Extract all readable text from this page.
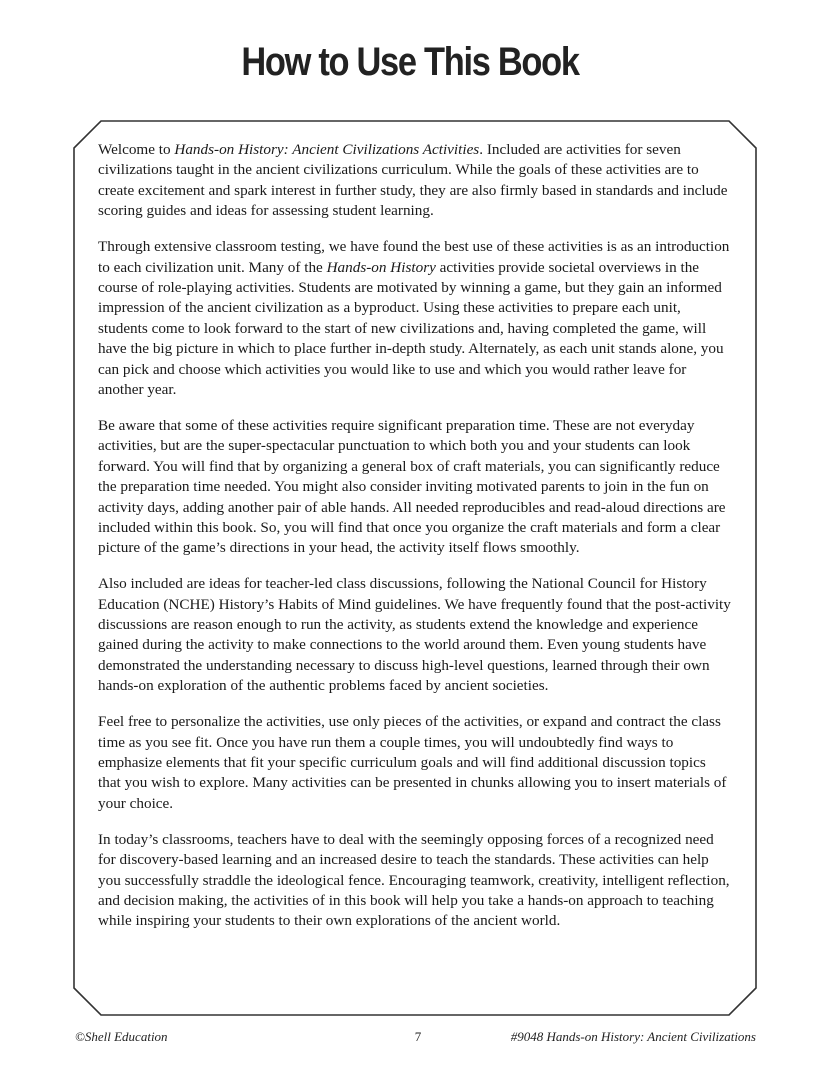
How to Use This Book

Welcome to Hands-on History: Ancient Civilizations Activities. Included are activities for seven civilizations taught in the ancient civilizations curriculum. While the goals of these activities are to create excitement and spark interest in further study, they are also firmly based in standards and include scoring guides and ideas for assessing student learning.

Through extensive classroom testing, we have found the best use of these activities is as an introduction to each civilization unit. Many of the Hands-on History activities provide societal overviews in the course of role-playing activities. Students are motivated by winning a game, but they gain an informed impression of the ancient civilization as a byproduct. Using these activities to prepare each unit, students come to look forward to the start of new civilizations and, having completed the game, will have the big picture in which to place further in-depth study. Alternately, as each unit stands alone, you can pick and choose which activities you would like to use and which you would rather leave for another year.

Be aware that some of these activities require significant preparation time. These are not everyday activities, but are the super-spectacular punctuation to which both you and your students can look forward. You will find that by organizing a general box of craft materials, you can significantly reduce the preparation time needed. You might also consider inviting motivated parents to join in the fun on activity days, adding another pair of able hands. All needed reproducibles and read-aloud directions are included within this book. So, you will find that once you organize the craft materials and form a clear picture of the game’s directions in your head, the activity itself flows smoothly.

Also included are ideas for teacher-led class discussions, following the National Council for History Education (NCHE) History’s Habits of Mind guidelines. We have frequently found that the post-activity discussions are reason enough to run the activity, as students extend the knowledge and experience gained during the activity to make connections to the world around them. Even young students have demonstrated the understanding necessary to discuss high-level questions, learned through their own hands-on exploration of the authentic problems faced by ancient societies.

Feel free to personalize the activities, use only pieces of the activities, or expand and contract the class time as you see fit. Once you have run them a couple times, you will undoubtedly find ways to emphasize elements that fit your specific curriculum goals and will find additional discussion topics that you wish to explore. Many activities can be presented in chunks allowing you to insert materials of your choice.

In today’s classrooms, teachers have to deal with the seemingly opposing forces of a recognized need for discovery-based learning and an increased desire to teach the standards. These activities can help you successfully straddle the ideological fence. Encouraging teamwork, creativity, intelligent reflection, and decision making, the activities of in this book will help you take a hands-on approach to teaching while inspiring your students to their own explorations of the ancient world.

©Shell Education	7	#9048 Hands-on History: Ancient Civilizations
